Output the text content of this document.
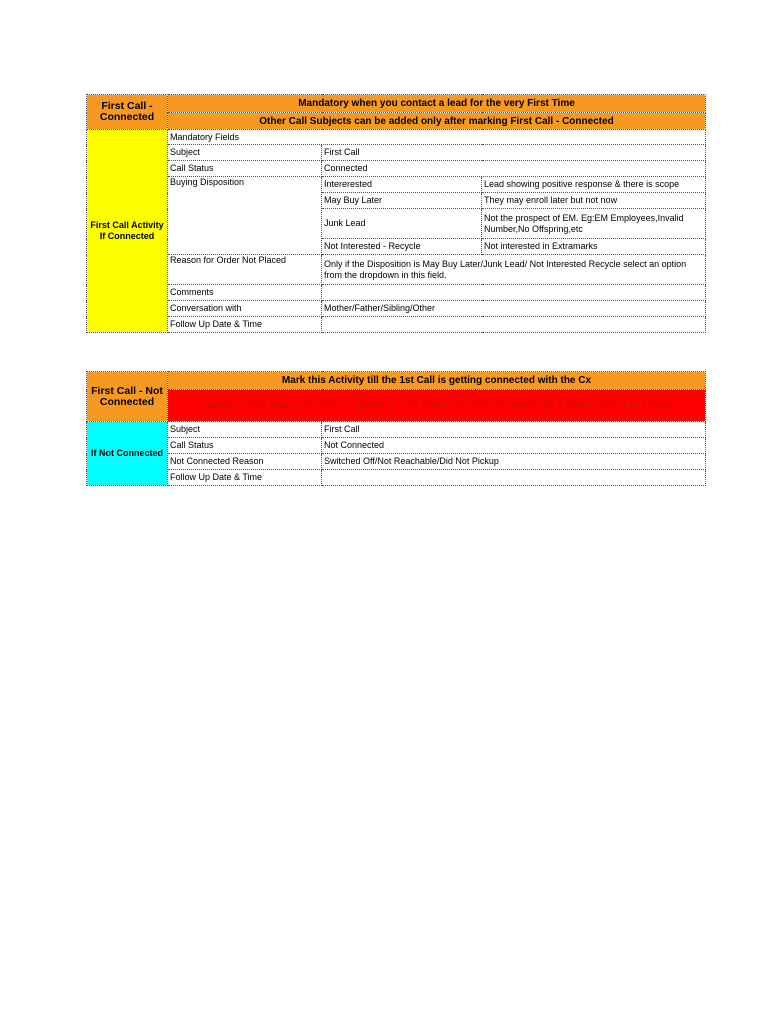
First Call - Connected	Mandatory when you contact a lead for the very First Time		
	Other Call Subjects can be added only after marking First Call - Connected		
First Call Activity If Connected	Mandatory Fields		
	Subject	First Call	
	Call Status	Connected	
	Buying Disposition	Intererested	Lead showing positive response & there is scope
		May Buy Later	They may enroll later but not now
		Junk Lead	Not the prospect of EM. Eg:EM Employees,Invalid Number,No Offspring,etc
		Not Interested - Recycle	Not interested in Extramarks
	Reason for Order Not Placed	Only if the Disposition is May Buy Later/Junk Lead/ Not Interested Recycle select an option from the dropdown in this field.	
	Comments		
	Conversation with	Mother/Father/Sibling/Other	
	Follow Up Date & Time		
First Call - Not Connected	Mark this Activity till the 1st Call is getting connected with the Cx	
	Caution : Lead Stage will move to Closed as Lost when you mark this activity for 6 times within 1 or 2 Days	
If Not Connected	Subject	First Call
	Call Status	Not Connected
	Not Connected Reason	Switched Off/Not Reachable/Did Not Pickup
	Follow Up Date & Time	
